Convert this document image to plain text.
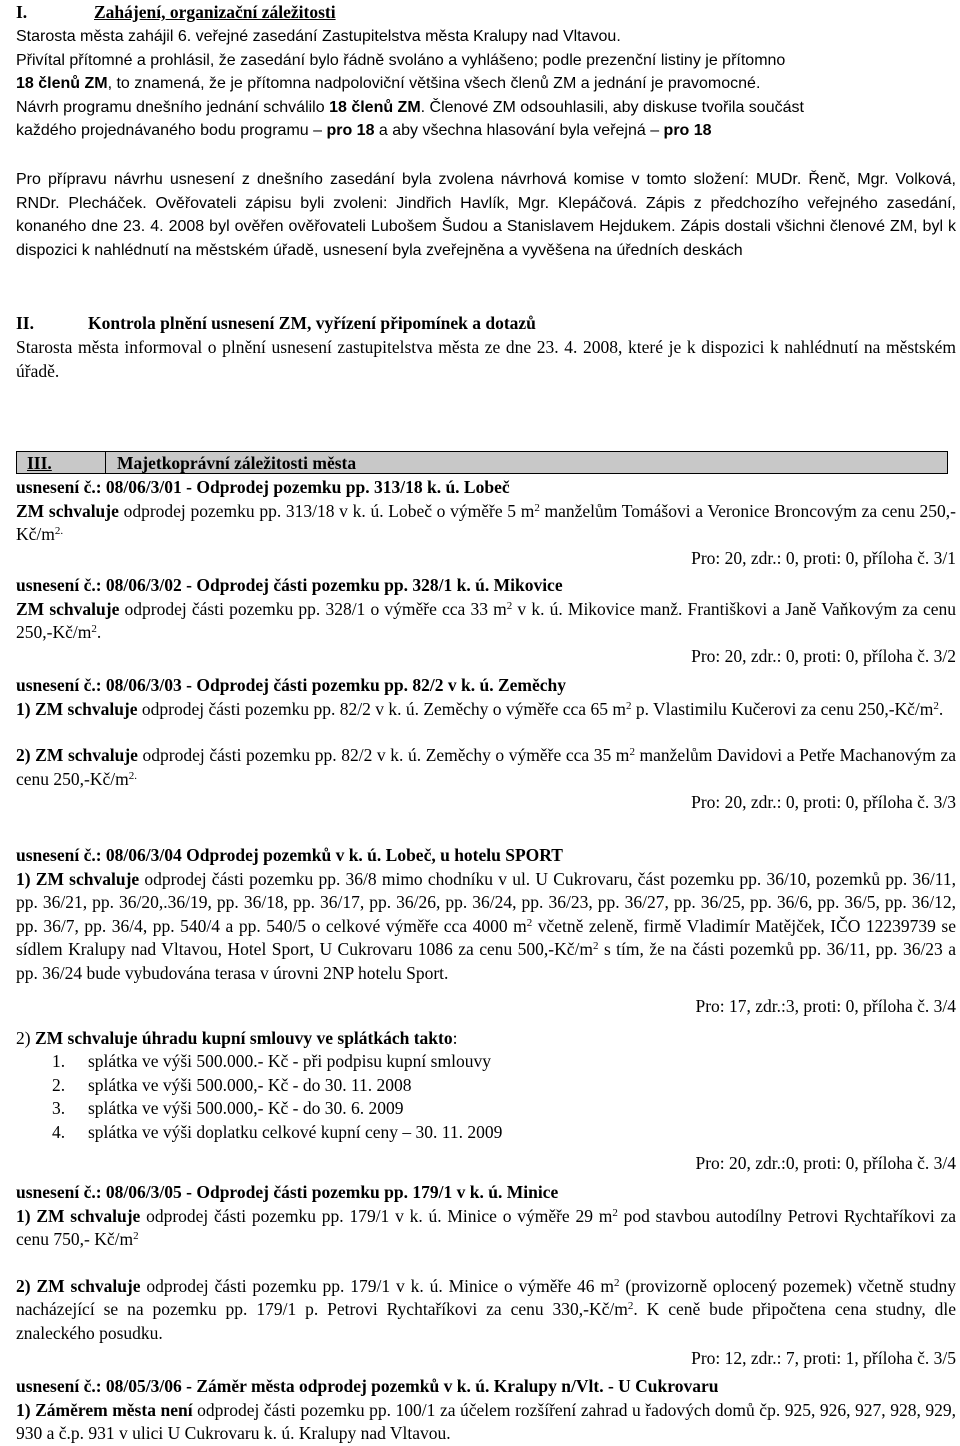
I.	Zahájení, organizační záležitosti

Starosta města zahájil 6. veřejné zasedání Zastupitelstva města Kralupy nad Vltavou.

Přivítal přítomné a prohlásil, že zasedání bylo řádně svoláno a vyhlášeno; podle prezenční listiny je přítomno

18 členů ZM, to znamená, že je přítomna nadpoloviční většina všech členů ZM a jednání je pravomocné.

Návrh programu dnešního jednání schválilo 18 členů ZM. Členové ZM odsouhlasili, aby diskuse tvořila součást

každého projednávaného bodu programu – pro 18 a aby všechna hlasování byla veřejná – pro 18

Pro přípravu návrhu usnesení z dnešního zasedání byla zvolena návrhová komise v tomto složení: MUDr. Řenč, Mgr. Volková, RNDr. Plecháček. Ověřovateli zápisu byli zvoleni: Jindřich Havlík, Mgr. Klepáčová. Zápis z předchozího veřejného zasedání, konaného dne 23. 4. 2008 byl ověřen ověřovateli Lubošem Šudou a Stanislavem Hejdukem. Zápis dostali všichni členové ZM, byl k dispozici k nahlédnutí na městském úřadě, usnesení byla zveřejněna a vyvěšena na úředních deskách
II.	Kontrola plnění usnesení ZM, vyřízení připomínek a dotazů
Starosta města informoval o plnění usnesení zastupitelstva města ze dne 23. 4. 2008, které je k dispozici k nahlédnutí na městském úřadě.
III.	Majetkoprávní záležitosti města

usnesení č.: 08/06/3/01 - Odprodej pozemku pp. 313/18 k. ú. Lobeč

ZM schvaluje odprodej pozemku pp. 313/18 v k. ú. Lobeč o výměře 5 $m^2$ manželům Tomášovi a Veronice Broncovým za cenu $250,-Kč/m^{2.}$

Pro: 20, zdr.: 0, proti: 0, příloha č. 3/1

usnesení č.: 08/06/3/02 - Odprodej části pozemku pp. 328/1 k. ú. Mikovice

ZM schvaluje odprodej části pozemku pp. 328/1 o výměře cca 33 $m^2$ v k. ú. Mikovice manž. Františkovi a Janě Vaňkovým za cenu $250,-Kč/m^2$.

Pro: 20, zdr.: 0, proti: 0, příloha č. 3/2

usnesení č.: 08/06/3/03 - Odprodej části pozemku pp. 82/2 v k. ú. Zeměchy

1) ZM schvaluje odprodej části pozemku pp. 82/2 v k. ú. Zeměchy o výměře cca 65 $m^2$ p. Vlastimilu Kučerovi za cenu $250,-Kč/m^2$.

2) ZM schvaluje odprodej části pozemku pp. 82/2 v k. ú. Zeměchy o výměře cca 35 $m^2$ manželům Davidovi a Petře Machanovým za cenu $250,-Kč/m^{2.}$

Pro: 20, zdr.: 0, proti: 0, příloha č. 3/3

usnesení č.: 08/06/3/04 Odprodej pozemků v k. ú. Lobeč, u hotelu SPORT

1) ZM schvaluje odprodej části pozemku pp. 36/8 mimo chodníku v ul. U Cukrovaru, část pozemku pp. 36/10, pozemků pp. 36/11, pp. 36/21, pp. 36/20,.36/19, pp. 36/18, pp. 36/17, pp. 36/26, pp. 36/24, pp. 36/23, pp. 36/27, pp. 36/25, pp. 36/6, pp. 36/5, pp. 36/12, pp. 36/7, pp. 36/4, pp. 540/4 a pp. 540/5 o celkové výměře cca 4000 $m^2$ včetně zeleně, firmě Vladimír Matějček, IČO 12239739 se sídlem Kralupy nad Vltavou, Hotel Sport, U Cukrovaru 1086 za cenu $500,-Kč/m^2$ s tím, že na části pozemků pp. 36/11, pp. 36/23 a pp. 36/24 bude vybudována terasa v úrovni 2NP hotelu Sport.

Pro: 17, zdr.:3, proti: 0, příloha č. 3/4

2) ZM schvaluje úhradu kupní smlouvy ve splátkách takto:

1. splátka ve výši 500.000.- Kč - při podpisu kupní smlouvy
2. splátka ve výši 500.000,- Kč - do 30. 11. 2008
3. splátka ve výši 500.000,- Kč - do 30. 6. 2009
4. splátka ve výši doplatku celkové kupní ceny – 30. 11. 2009

Pro: 20, zdr.:0, proti: 0, příloha č. 3/4

usnesení č.: 08/06/3/05 - Odprodej části pozemku pp. 179/1 v k. ú. Minice

1) ZM schvaluje odprodej části pozemku pp. 179/1 v k. ú. Minice o výměře 29 $m^2$ pod stavbou autodílny Petrovi Rychtaříkovi za cenu 750,- $Kč/m^2$

2) ZM schvaluje odprodej části pozemku pp. 179/1 v k. ú. Minice o výměře 46 $m^2$ (provizorně oplocený pozemek) včetně studny nacházející se na pozemku pp. 179/1 p. Petrovi Rychtaříkovi za cenu $330,-Kč/m^2$. K ceně bude připočtena cena studny, dle znaleckého posudku.

Pro: 12, zdr.: 7, proti: 1, příloha č. 3/5

usnesení č.: 08/05/3/06 - Záměr města odprodej pozemků v k. ú. Kralupy n/Vlt. - U Cukrovaru

1) Záměrem města není odprodej části pozemku pp. 100/1 za účelem rozšíření zahrad u řadových domů čp. 925, 926, 927, 928, 929, 930 a č.p. 931 v ulici U Cukrovaru k. ú. Kralupy nad Vltavou.
